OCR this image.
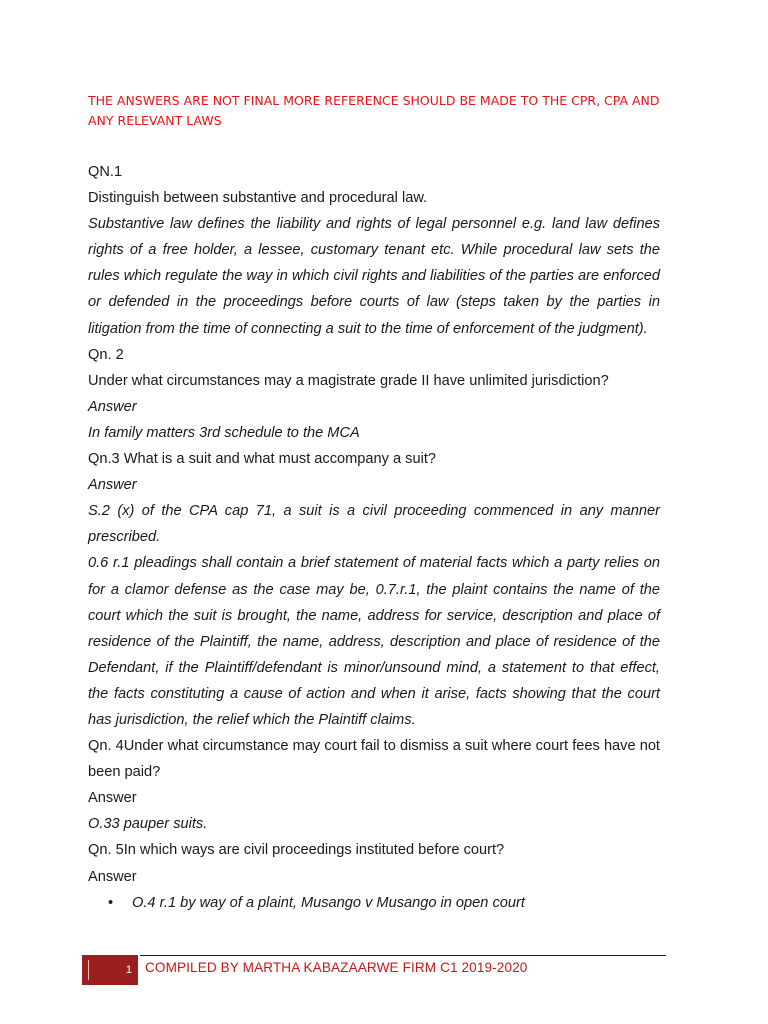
THE ANSWERS ARE NOT FINAL MORE REFERENCE SHOULD BE MADE TO THE CPR, CPA AND ANY RELEVANT LAWS

QN.1

Distinguish between substantive and procedural law.

Substantive law defines the liability and rights of legal personnel e.g. land law defines rights of a free holder, a lessee, customary tenant etc. While procedural law sets the rules which regulate the way in which civil rights and liabilities of the parties are enforced or defended in the proceedings before courts of law (steps taken by the parties in litigation from the time of connecting a suit to the time of enforcement of the judgment).

Qn. 2

Under what circumstances may a magistrate grade II have unlimited jurisdiction?

Answer

In family matters 3rd schedule to the MCA

Qn.3 What is a suit and what must accompany a suit?

Answer

S.2 (x) of the CPA cap 71, a suit is a civil proceeding commenced in any manner prescribed.

0.6 r.1 pleadings shall contain a brief statement of material facts which a party relies on for a clamor defense as the case may be, 0.7.r.1, the plaint contains the name of the court which the suit is brought, the name, address for service, description and place of residence of the Plaintiff, the name, address, description and place of residence of the Defendant, if the Plaintiff/defendant is minor/unsound mind, a statement to that effect, the facts constituting a cause of action and when it arise, facts showing that the court has jurisdiction, the relief which the Plaintiff claims.

Qn. 4Under what circumstance may court fail to dismiss a suit where court fees have not been paid?

Answer

O.33 pauper suits.

Qn. 5In which ways are civil proceedings instituted before court?

Answer

• O.4 r.1 by way of a plaint, Musango v Musango in open court
1 COMPILED BY MARTHA KABAZAARWE FIRM C1 2019-2020
